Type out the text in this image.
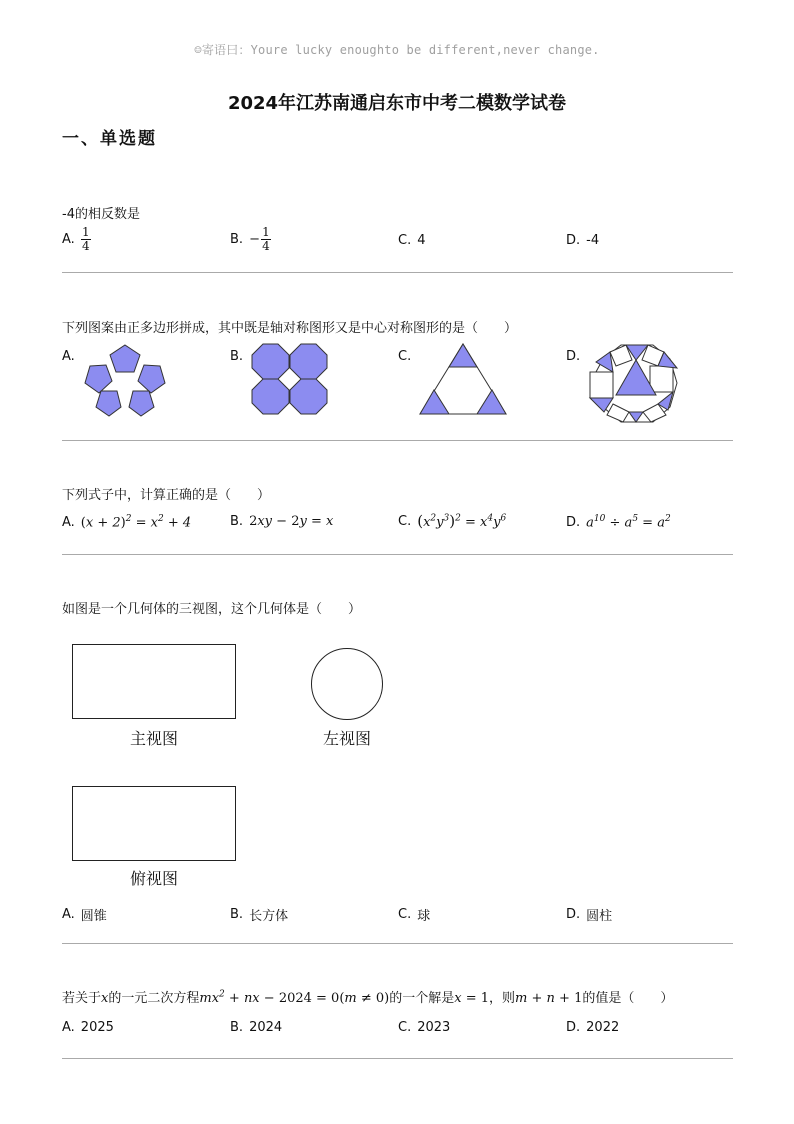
☺寄语曰：Youre lucky enoughto be different,never change.
2024年江苏南通启东市中考二模数学试卷
一、单选题
-4的相反数是
A. $\frac{1}{4}$	B. − $\frac{1}{4}$	C. 4	D. -4
下列图案由正多边形拼成，其中既是轴对称图形又是中心对称图形的是（　　）
A.	B.	C.	D.
下列式子中，计算正确的是（　　）
A. $(x + 2)^2 = x^2 + 4$	B. 2xy − 2y = x	C. $(x^2y^3)^2 = x^4y^6$	D. $a^{10} \div a^5 = a^2$
如图是一个几何体的三视图，这个几何体是（　　）
主视图	左视图
俯视图
A. 圆锥	B. 长方体	C. 球	D. 圆柱
若关于x的一元二次方程$mx^2$ + nx − 2024 = 0(m ≠ 0)的一个解是x = 1，则m + n + 1的值是（　　）
A. 2025	B. 2024	C. 2023	D. 2022
